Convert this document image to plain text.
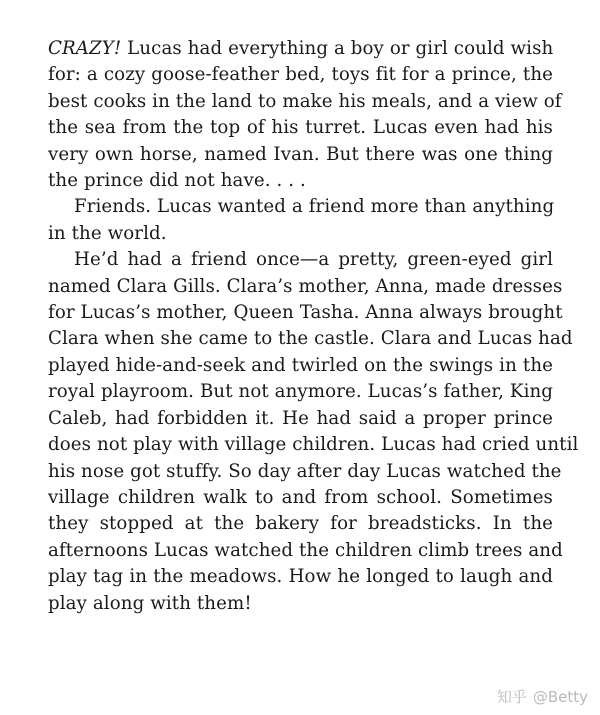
CRAZY! Lucas had everything a boy or girl could wish
for: a cozy goose-feather bed, toys fit for a prince, the
best cooks in the land to make his meals, and a view of
the sea from the top of his turret. Lucas even had his
very own horse, named Ivan. But there was one thing
the prince did not have. . . .

Friends. Lucas wanted a friend more than anything
in the world.

He’d had a friend once—a pretty, green-eyed girl
named Clara Gills. Clara’s mother, Anna, made dresses
for Lucas’s mother, Queen Tasha. Anna always brought
Clara when she came to the castle. Clara and Lucas had
played hide-and-seek and twirled on the swings in the
royal playroom. But not anymore. Lucas’s father, King
Caleb, had forbidden it. He had said a proper prince
does not play with village children. Lucas had cried until
his nose got stuffy. So day after day Lucas watched the
village children walk to and from school. Sometimes
they stopped at the bakery for breadsticks. In the
afternoons Lucas watched the children climb trees and
play tag in the meadows. How he longed to laugh and
play along with them!

知乎 @Betty
